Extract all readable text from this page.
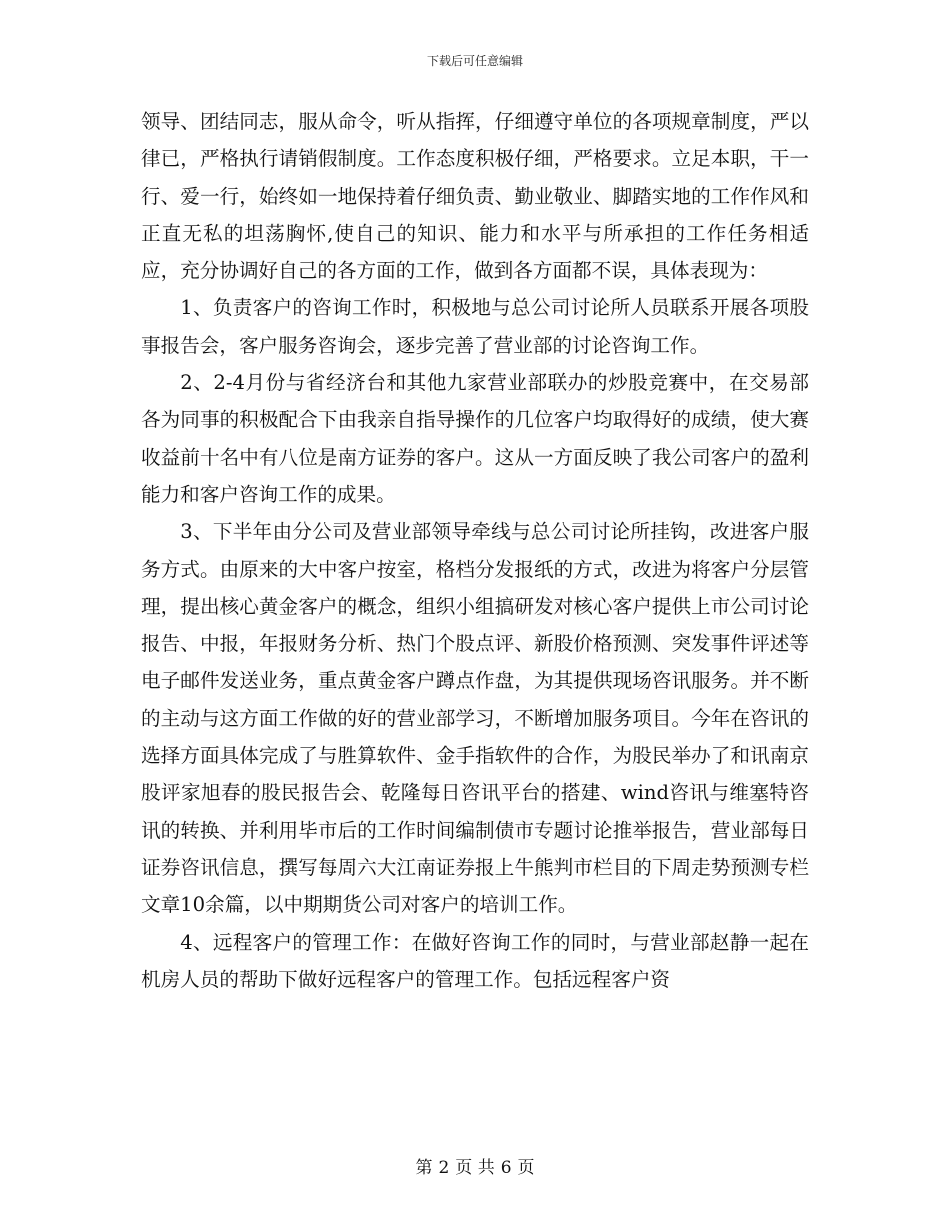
下载后可任意编辑

领导、团结同志，服从命令，听从指挥，仔细遵守单位的各项规章制度，严以律已，严格执行请销假制度。工作态度积极仔细，严格要求。立足本职，干一行、爱一行，始终如一地保持着仔细负责、勤业敬业、脚踏实地的工作作风和正直无私的坦荡胸怀,使自己的知识、能力和水平与所承担的工作任务相适应，充分协调好自己的各方面的工作，做到各方面都不误，具体表现为：

1、负责客户的咨询工作时，积极地与总公司讨论所人员联系开展各项股事报告会，客户服务咨询会，逐步完善了营业部的讨论咨询工作。

2、2-4月份与省经济台和其他九家营业部联办的炒股竞赛中，在交易部各为同事的积极配合下由我亲自指导操作的几位客户均取得好的成绩，使大赛收益前十名中有八位是南方证券的客户。这从一方面反映了我公司客户的盈利能力和客户咨询工作的成果。

3、下半年由分公司及营业部领导牵线与总公司讨论所挂钩，改进客户服务方式。由原来的大中客户按室，格档分发报纸的方式，改进为将客户分层管理，提出核心黄金客户的概念，组织小组搞研发对核心客户提供上市公司讨论报告、中报，年报财务分析、热门个股点评、新股价格预测、突发事件评述等电子邮件发送业务，重点黄金客户蹲点作盘，为其提供现场咨讯服务。并不断的主动与这方面工作做的好的营业部学习，不断增加服务项目。今年在咨讯的选择方面具体完成了与胜算软件、金手指软件的合作，为股民举办了和讯南京股评家旭春的股民报告会、乾隆每日咨讯平台的搭建、wind咨讯与维塞特咨讯的转换、并利用毕市后的工作时间编制债市专题讨论推举报告，营业部每日证券咨讯信息，撰写每周六大江南证券报上牛熊判市栏目的下周走势预测专栏文章10余篇，以中期期货公司对客户的培训工作。

4、远程客户的管理工作：在做好咨询工作的同时，与营业部赵静一起在机房人员的帮助下做好远程客户的管理工作。包括远程客户资

第 2 页 共 6 页
